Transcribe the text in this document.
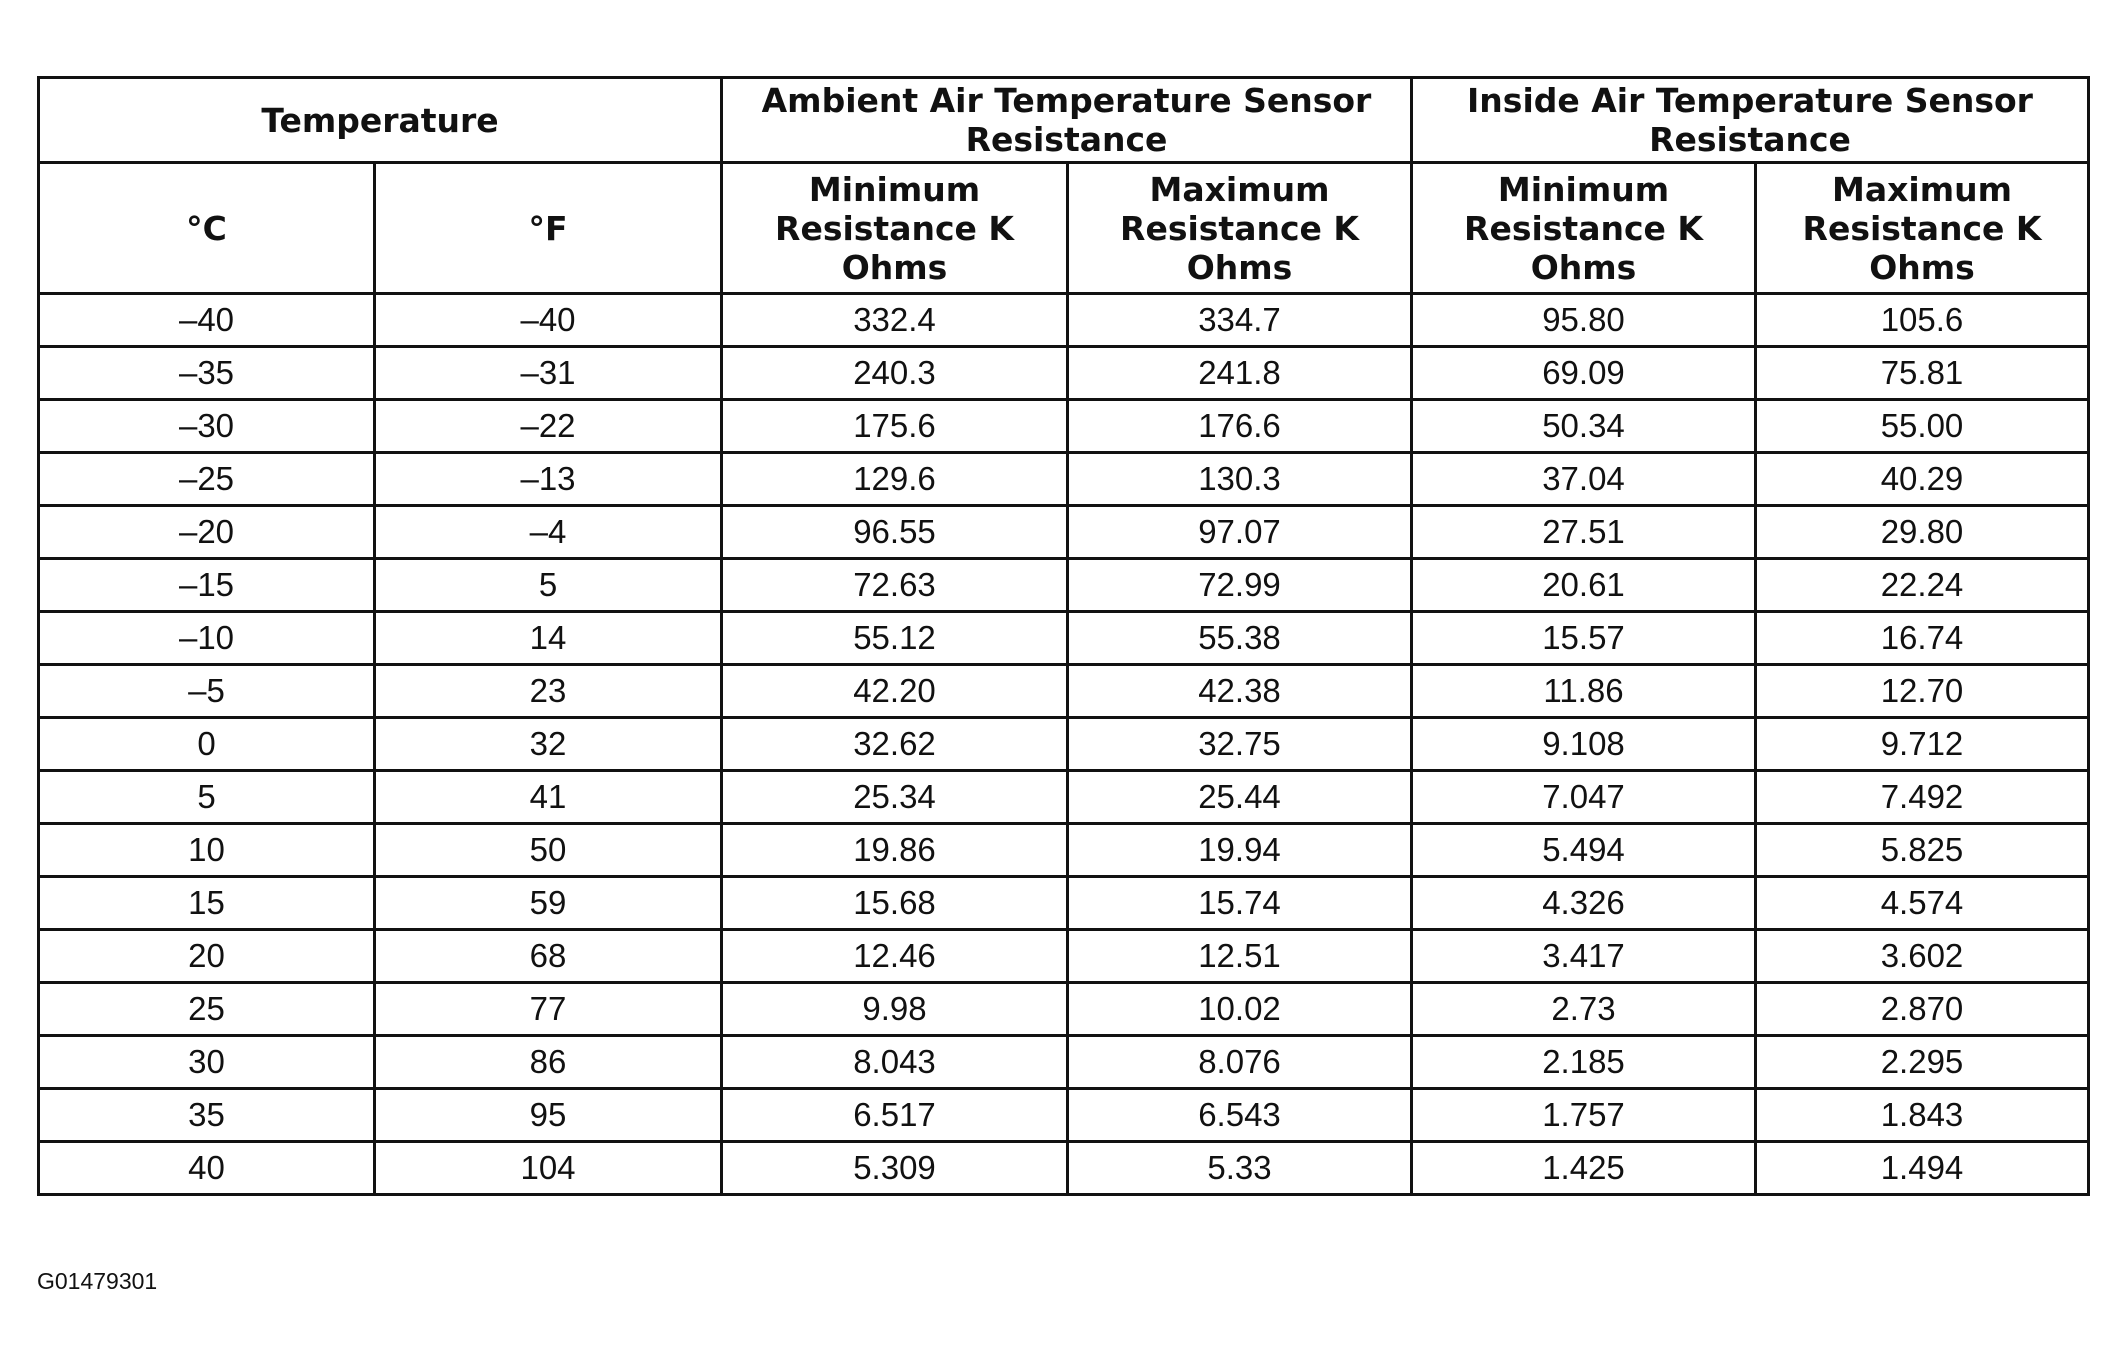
Temperature		Ambient Air Temperature Sensor Resistance		Inside Air Temperature Sensor Resistance	
°C	°F	Minimum Resistance K Ohms	Maximum Resistance K Ohms	Minimum Resistance K Ohms	Maximum Resistance K Ohms
–40	–40	332.4	334.7	95.80	105.6
–35	–31	240.3	241.8	69.09	75.81
–30	–22	175.6	176.6	50.34	55.00
–25	–13	129.6	130.3	37.04	40.29
–20	–4	96.55	97.07	27.51	29.80
–15	5	72.63	72.99	20.61	22.24
–10	14	55.12	55.38	15.57	16.74
–5	23	42.20	42.38	11.86	12.70
0	32	32.62	32.75	9.108	9.712
5	41	25.34	25.44	7.047	7.492
10	50	19.86	19.94	5.494	5.825
15	59	15.68	15.74	4.326	4.574
20	68	12.46	12.51	3.417	3.602
25	77	9.98	10.02	2.73	2.870
30	86	8.043	8.076	2.185	2.295
35	95	6.517	6.543	1.757	1.843
40	104	5.309	5.33	1.425	1.494
G01479301
